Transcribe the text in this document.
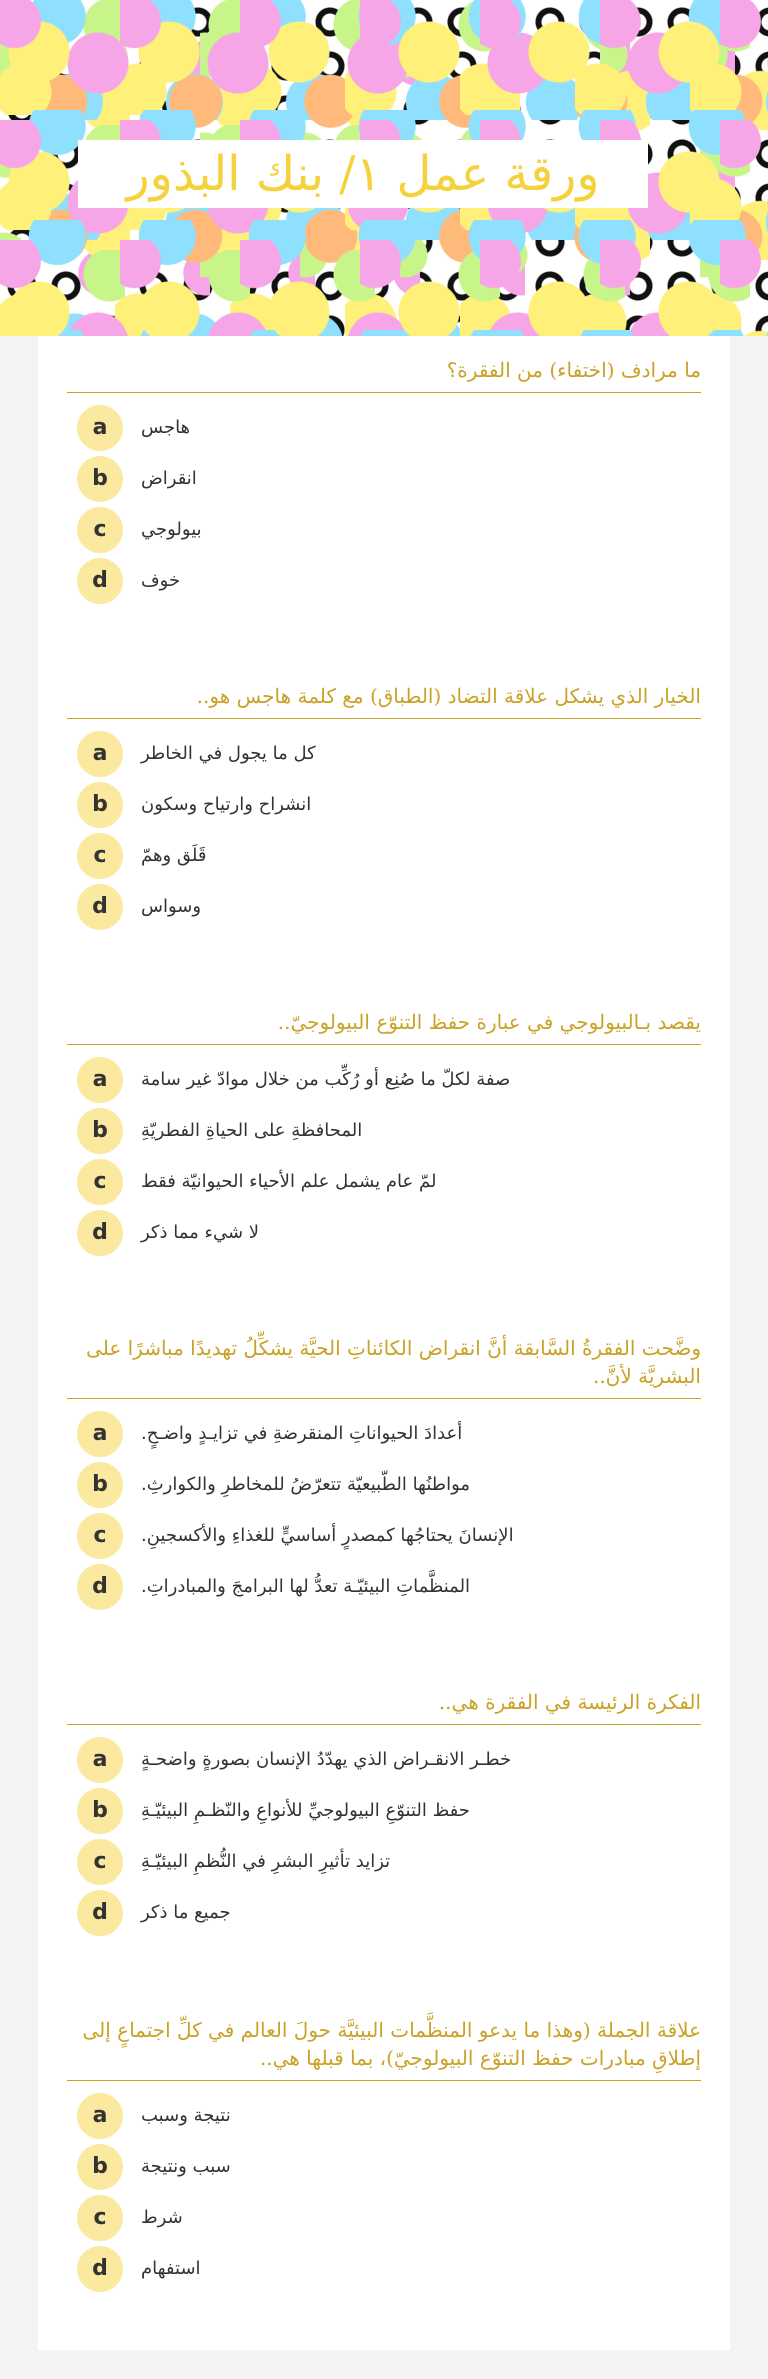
ورقة عمل ١/ بنك البذور
ما مرادف (اختفاء) من الفقرة؟
a	هاجس
b	انقراض
c	بيولوجي
d	خوف
الخيار الذي يشكل علاقة التضاد (الطباق) مع كلمة هاجس هو..
a	كل ما يجول في الخاطر
b	انشراح وارتياح وسكون
c	قَلَق وهمّ
d	وسواس
يقصد بـالبيولوجي في عبارة حفظ التنوّع البيولوجيّ..
a	صفة لكلّ ما صُنِع أو رُكِّب من خلال موادّ غير سامة
b	المحافظةِ على الحياةِ الفطريّةِ
c	لمّ عام يشمل علم الأحياء الحيوانيّة فقط
d	لا شيء مما ذكر
وضَّحت الفقرةُ السَّابقة أنَّ انقراض الكائناتِ الحيَّة يشكِّلُ تهديدًا مباشرًا على البشريَّة لأنَّ..
a	أعدادَ الحيواناتِ المنقرضةِ في تزايـدٍ واضـحٍ.
b	مواطنُها الطّبيعيّة تتعرّضُ للمخاطرِ والكوارثِ.
c	الإنسانَ يحتاجُها كمصدرٍ أساسيٍّ للغذاءِ والأكسجينِ.
d	المنظَّماتِ البيئيّـة تعدُّ لها البرامجَ والمبادراتِ.
الفكرة الرئيسة في الفقرة هي..
a	خطـر الانقـراض الذي يهدّدُ الإنسان بصورةٍ واضحـةٍ
b	حفظ التنوّعِ البيولوجيِّ للأنواعِ والنّظـمِ البيئيّـةِ
c	تزايد تأثيرِ البشرِ في النُّظمِ البيئيّـةِ
d	جميع ما ذكر
علاقة الجملة (وهذا ما يدعو المنظَّمات البيئيَّة حولَ العالم في كلِّ اجتماعٍ إلى إطلاقِ مبادرات حفظ التنوّع البيولوجيّ)، بما قبلها هي..
a	نتيجة وسبب
b	سبب ونتيجة
c	شرط
d	استفهام
